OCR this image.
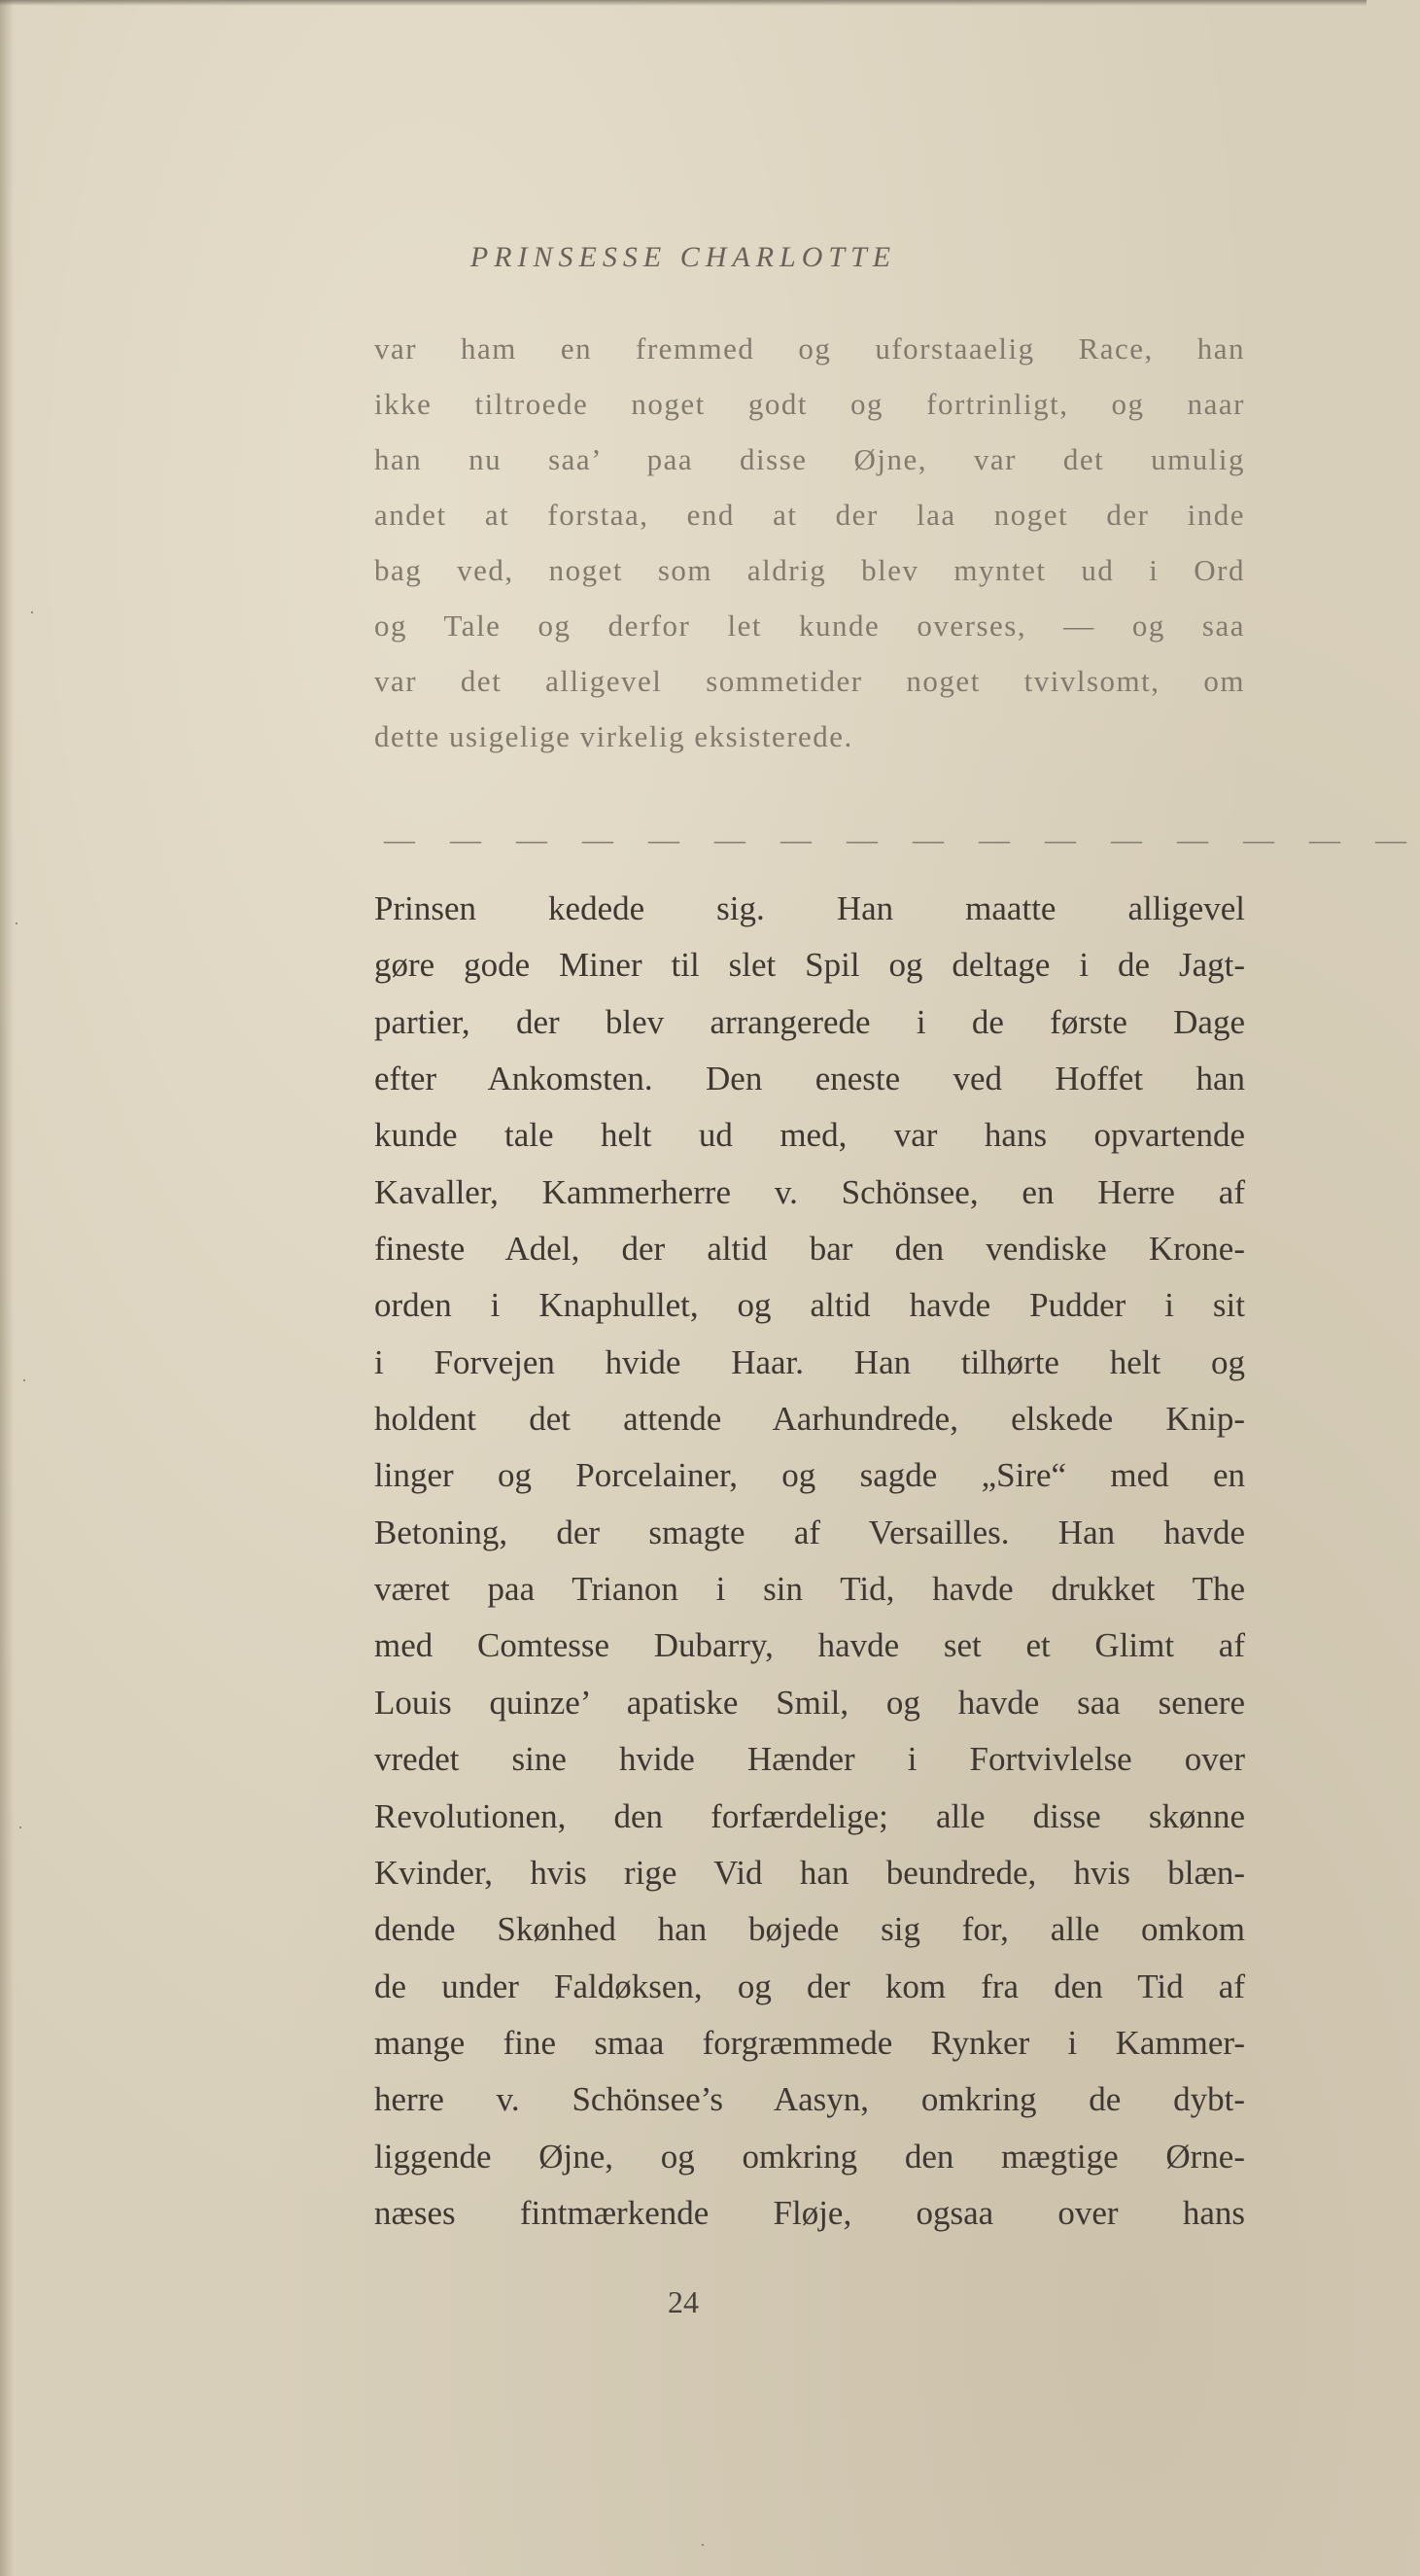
PRINSESSE CHARLOTTE
var ham en fremmed og uforstaaelig Race, han
ikke tiltroede noget godt og fortrinligt, og naar
han nu saa’ paa disse Øjne, var det umulig
andet at forstaa, end at der laa noget der inde
bag ved, noget som aldrig blev myntet ud i Ord
og Tale og derfor let kunde overses, — og saa
var det alligevel sommetider noget tvivlsomt, om
dette usigelige virkelig eksisterede.
— — — — — — — — — — — — — — — —
Prinsen kedede sig. Han maatte alligevel
gøre gode Miner til slet Spil og deltage i de Jagt-
partier, der blev arrangerede i de første Dage
efter Ankomsten. Den eneste ved Hoffet han
kunde tale helt ud med, var hans opvartende
Kavaller, Kammerherre v. Schönsee, en Herre af
fineste Adel, der altid bar den vendiske Krone-
orden i Knaphullet, og altid havde Pudder i sit
i Forvejen hvide Haar. Han tilhørte helt og
holdent det attende Aarhundrede, elskede Knip-
linger og Porcelainer, og sagde „Sire“ med en
Betoning, der smagte af Versailles. Han havde
været paa Trianon i sin Tid, havde drukket The
med Comtesse Dubarry, havde set et Glimt af
Louis quinze’ apatiske Smil, og havde saa senere
vredet sine hvide Hænder i Fortvivlelse over
Revolutionen, den forfærdelige; alle disse skønne
Kvinder, hvis rige Vid han beundrede, hvis blæn-
dende Skønhed han bøjede sig for, alle omkom
de under Faldøksen, og der kom fra den Tid af
mange fine smaa forgræmmede Rynker i Kammer-
herre v. Schönsee’s Aasyn, omkring de dybt-
liggende Øjne, og omkring den mægtige Ørne-
næses fintmærkende Fløje, ogsaa over hans
24
·
·
·
·
·
